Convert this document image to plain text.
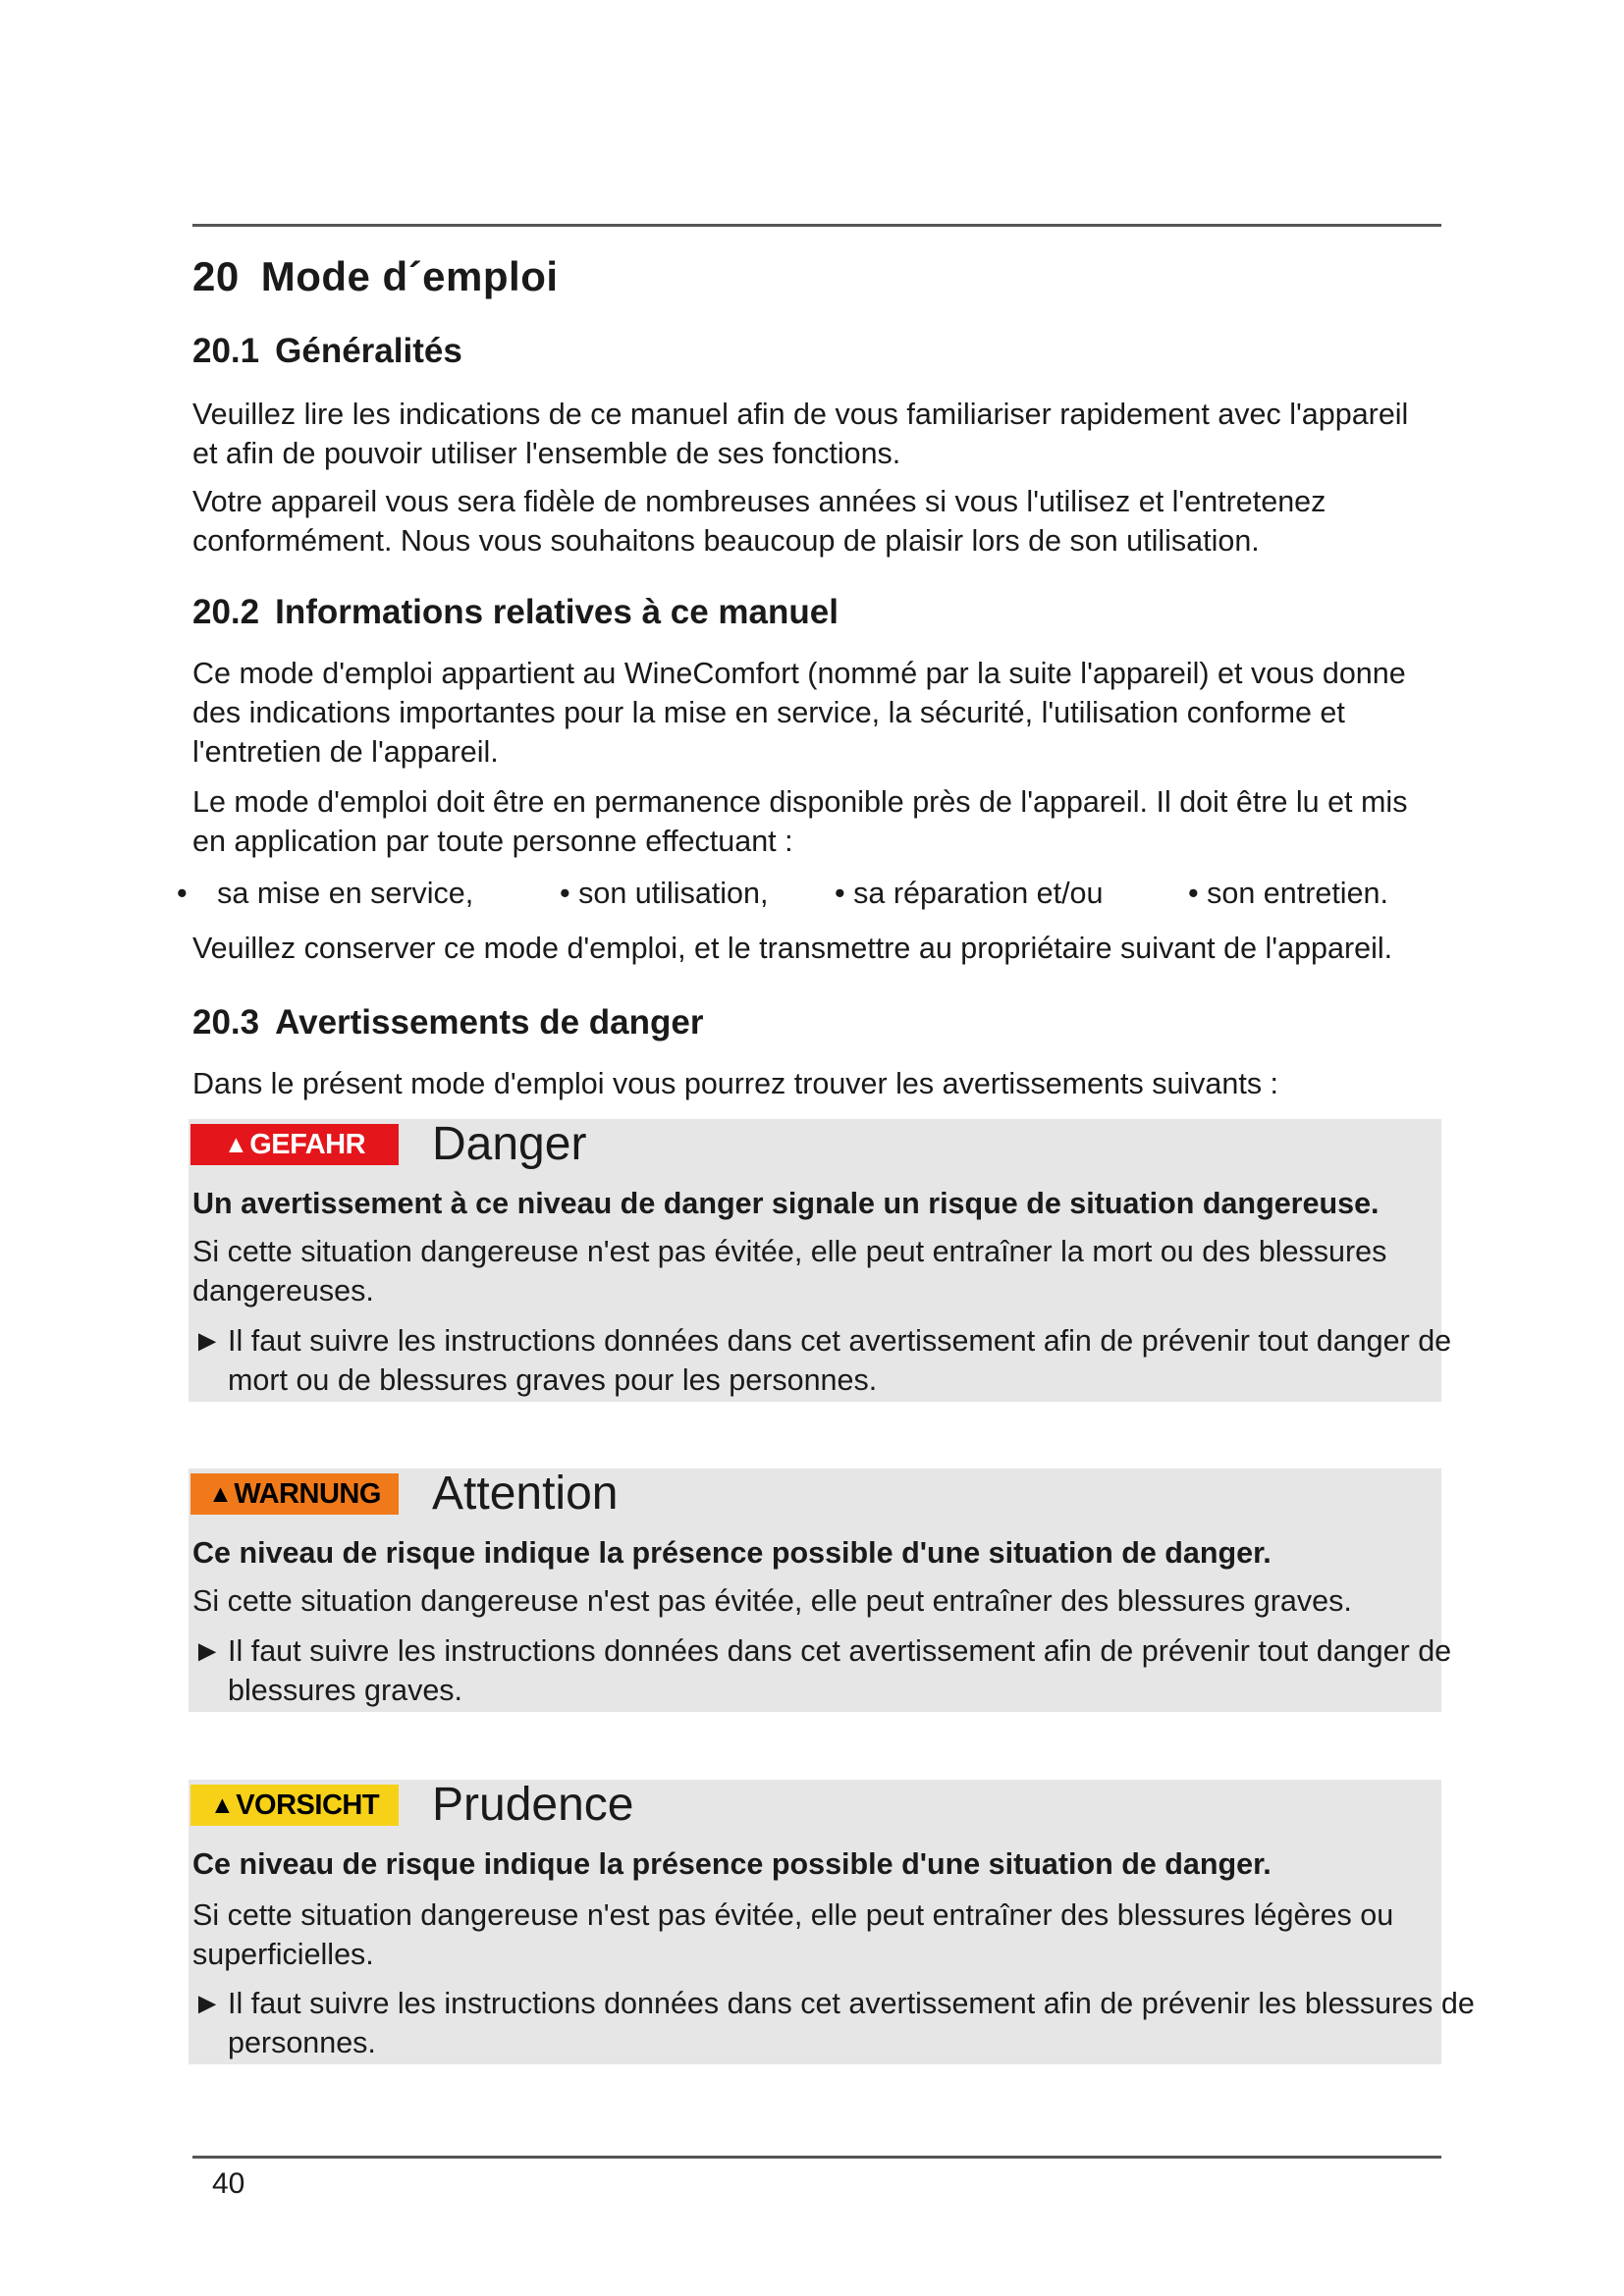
20 Mode d´emploi
20.1 Généralités

Veuillez lire les indications de ce manuel afin de vous familiariser rapidement avec l'appareil et afin de pouvoir utiliser l'ensemble de ses fonctions.

Votre appareil vous sera fidèle de nombreuses années si vous l'utilisez et l'entretenez conformément. Nous vous souhaitons beaucoup de plaisir lors de son utilisation.

20.2 Informations relatives à ce manuel

Ce mode d'emploi appartient au WineComfort (nommé par la suite l'appareil) et vous donne des indications importantes pour la mise en service, la sécurité, l'utilisation conforme et l'entretien de l'appareil.

Le mode d'emploi doit être en permanence disponible près de l'appareil. Il doit être lu et mis en application par toute personne effectuant :

• sa mise en service,	• son utilisation, • sa réparation et/ou	• son entretien.

Veuillez conserver ce mode d'emploi, et le transmettre au propriétaire suivant de l'appareil.

20.3 Avertissements de danger

Dans le présent mode d'emploi vous pourrez trouver les avertissements suivants :

▲GEFAHR	Danger

Un avertissement à ce niveau de danger signale un risque de situation dangereuse.

Si cette situation dangereuse n'est pas évitée, elle peut entraîner la mort ou des blessures dangereuses.

► Il faut suivre les instructions données dans cet avertissement afin de prévenir tout danger de mort ou de blessures graves pour les personnes.

▲WARNUNG	Attention

Ce niveau de risque indique la présence possible d'une situation de danger.

Si cette situation dangereuse n'est pas évitée, elle peut entraîner des blessures graves.

► Il faut suivre les instructions données dans cet avertissement afin de prévenir tout danger de blessures graves.

▲VORSICHT	Prudence

Ce niveau de risque indique la présence possible d'une situation de danger.

Si cette situation dangereuse n'est pas évitée, elle peut entraîner des blessures légères ou superficielles.

► Il faut suivre les instructions données dans cet avertissement afin de prévenir les blessures de personnes.

40
